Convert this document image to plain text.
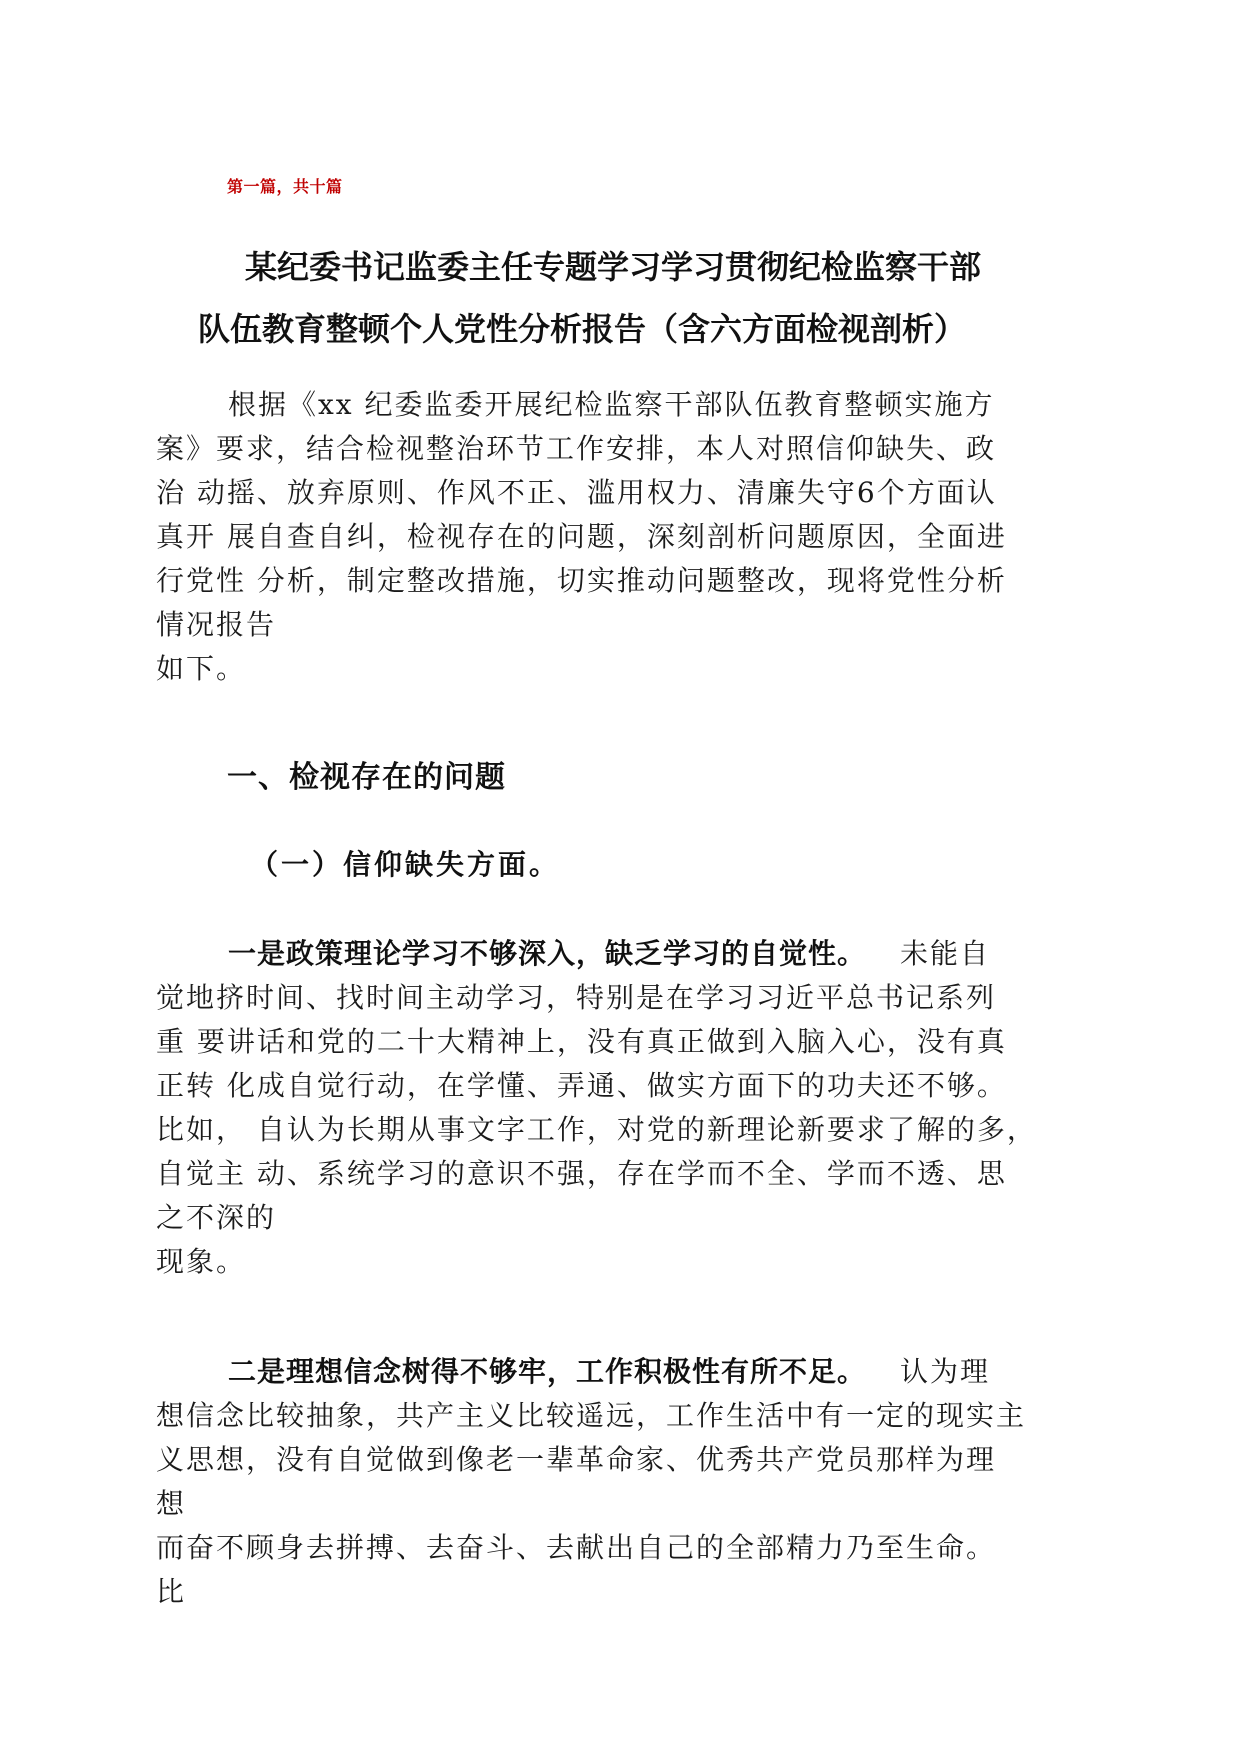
第一篇，共十篇
某纪委书记监委主任专题学习学习贯彻纪检监察干部
队伍教育整顿个人党性分析报告（含六方面检视剖析）
根据《xx 纪委监委开展纪检监察干部队伍教育整顿实施方
案》要求，结合检视整治环节工作安排，本人对照信仰缺失、政
治 动摇、放弃原则、作风不正、滥用权力、清廉失守6个方面认
真开 展自查自纠，检视存在的问题，深刻剖析问题原因，全面进
行党性 分析，制定整改措施，切实推动问题整改，现将党性分析
情况报告
如下。
一、检视存在的问题
（一）信仰缺失方面。
一是政策理论学习不够深入，缺乏学习的自觉性。 未能自
觉地挤时间、找时间主动学习，特别是在学习习近平总书记系列
重 要讲话和党的二十大精神上，没有真正做到入脑入心，没有真
正转 化成自觉行动，在学懂、弄通、做实方面下的功夫还不够。
比如， 自认为长期从事文字工作，对党的新理论新要求了解的多，
自觉主 动、系统学习的意识不强，存在学而不全、学而不透、思
之不深的
现象。
二是理想信念树得不够牢，工作积极性有所不足。 认为理
想信念比较抽象，共产主义比较遥远，工作生活中有一定的现实主
义思想，没有自觉做到像老一辈革命家、优秀共产党员那样为理
想
而奋不顾身去拼搏、去奋斗、去献出自己的全部精力乃至生命。
比
